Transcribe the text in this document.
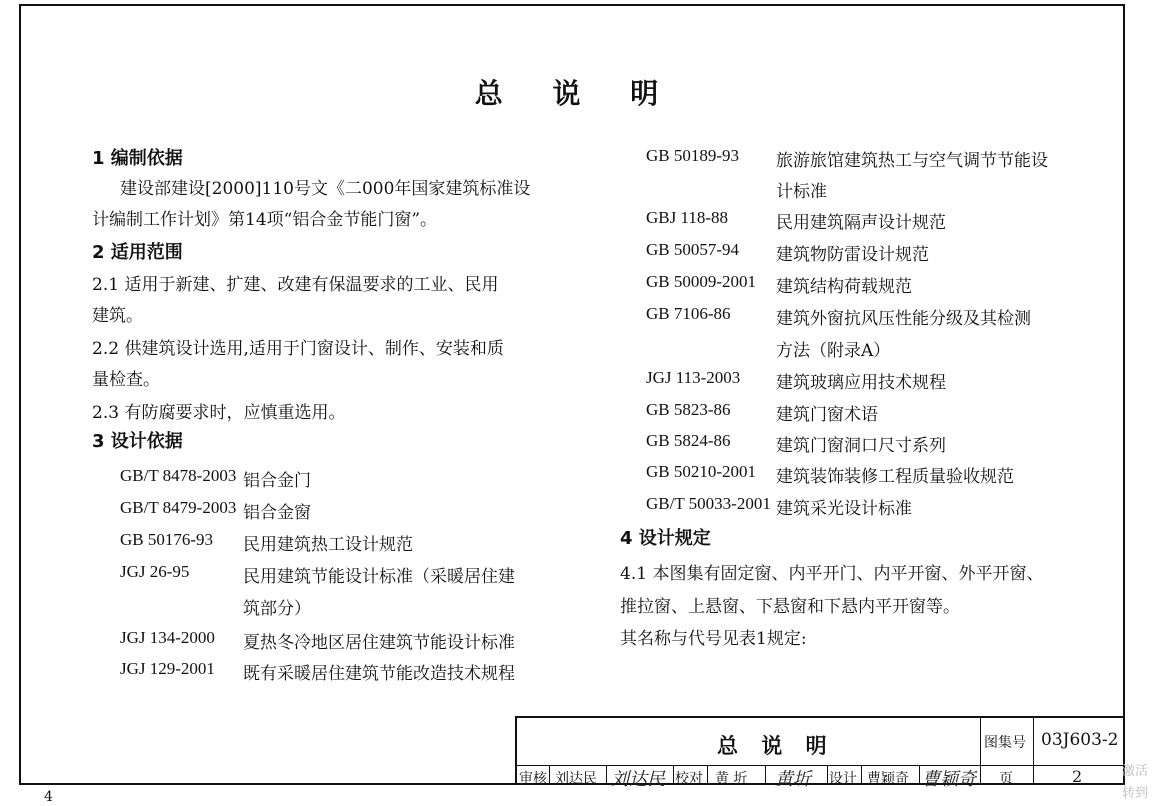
总 说 明
1 编制依据
建设部建设[2000]110号文《二000年国家建筑标准设
计编制工作计划》第14项“铝合金节能门窗”。
2 适用范围
2.1 适用于新建、扩建、改建有保温要求的工业、民用
建筑。
2.2 供建筑设计选用,适用于门窗设计、制作、安装和质
量检查。
2.3 有防腐要求时，应慎重选用。
3 设计依据
GB/T 8478-2003 铝合金门
GB/T 8479-2003 铝合金窗
GB 50176-93 民用建筑热工设计规范
JGJ 26-95	民用建筑节能设计标准（采暖居住建
筑部分）
JGJ 134-2000 夏热冬冷地区居住建筑节能设计标准
JGJ 129-2001 既有采暖居住建筑节能改造技术规程
GB 50189-93 旅游旅馆建筑热工与空气调节节能设
计标准
GBJ 118-88	民用建筑隔声设计规范
GB 50057-94 建筑物防雷设计规范
GB 50009-2001 建筑结构荷载规范
GB 7106-86	建筑外窗抗风压性能分级及其检测
方法（附录A）
JGJ 113-2003 建筑玻璃应用技术规程
GB 5823-86	建筑门窗术语
GB 5824-86	建筑门窗洞口尺寸系列
GB 50210-2001 建筑装饰装修工程质量验收规范
GB/T 50033-2001 建筑采光设计标准
4 设计规定
4.1 本图集有固定窗、内平开门、内平开窗、外平开窗、
推拉窗、上悬窗、下悬窗和下悬内平开窗等。
其名称与代号见表1规定:
总 说 明	图集号 03J603-2
审核 刘达民 刘达民 校对 黄 圻 黄圻 设计 曹颖奇 曹颖奇 页	2
4
激活
转到
